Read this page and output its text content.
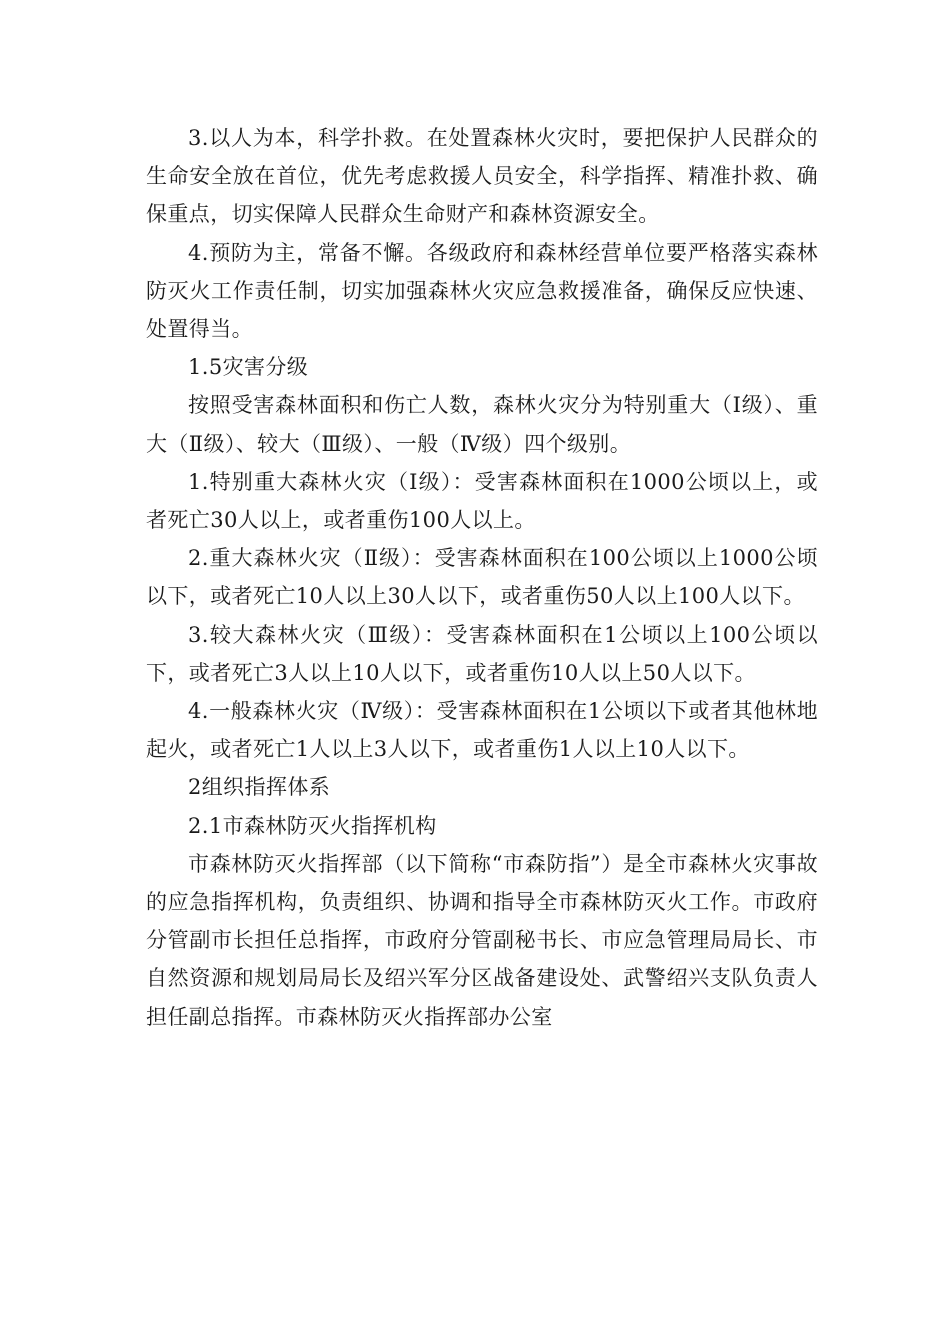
3.以人为本，科学扑救。在处置森林火灾时，要把保护人民群众的生命安全放在首位，优先考虑救援人员安全，科学指挥、精准扑救、确保重点，切实保障人民群众生命财产和森林资源安全。

4.预防为主，常备不懈。各级政府和森林经营单位要严格落实森林防灭火工作责任制，切实加强森林火灾应急救援准备，确保反应快速、处置得当。

1.5灾害分级

按照受害森林面积和伤亡人数，森林火灾分为特别重大（Ⅰ级）、重大（Ⅱ级）、较大（Ⅲ级）、一般（Ⅳ级）四个级别。

1.特别重大森林火灾（Ⅰ级）：受害森林面积在1000公顷以上，或者死亡30人以上，或者重伤100人以上。

2.重大森林火灾（Ⅱ级）：受害森林面积在100公顷以上1000公顷以下，或者死亡10人以上30人以下，或者重伤50人以上100人以下。

3.较大森林火灾（Ⅲ级）：受害森林面积在1公顷以上100公顷以下，或者死亡3人以上10人以下，或者重伤10人以上50人以下。

4.一般森林火灾（Ⅳ级）：受害森林面积在1公顷以下或者其他林地起火，或者死亡1人以上3人以下，或者重伤1人以上10人以下。

2组织指挥体系

2.1市森林防灭火指挥机构

市森林防灭火指挥部（以下简称“市森防指”）是全市森林火灾事故的应急指挥机构，负责组织、协调和指导全市森林防灭火工作。市政府分管副市长担任总指挥，市政府分管副秘书长、市应急管理局局长、市自然资源和规划局局长及绍兴军分区战备建设处、武警绍兴支队负责人担任副总指挥。市森林防灭火指挥部办公室
